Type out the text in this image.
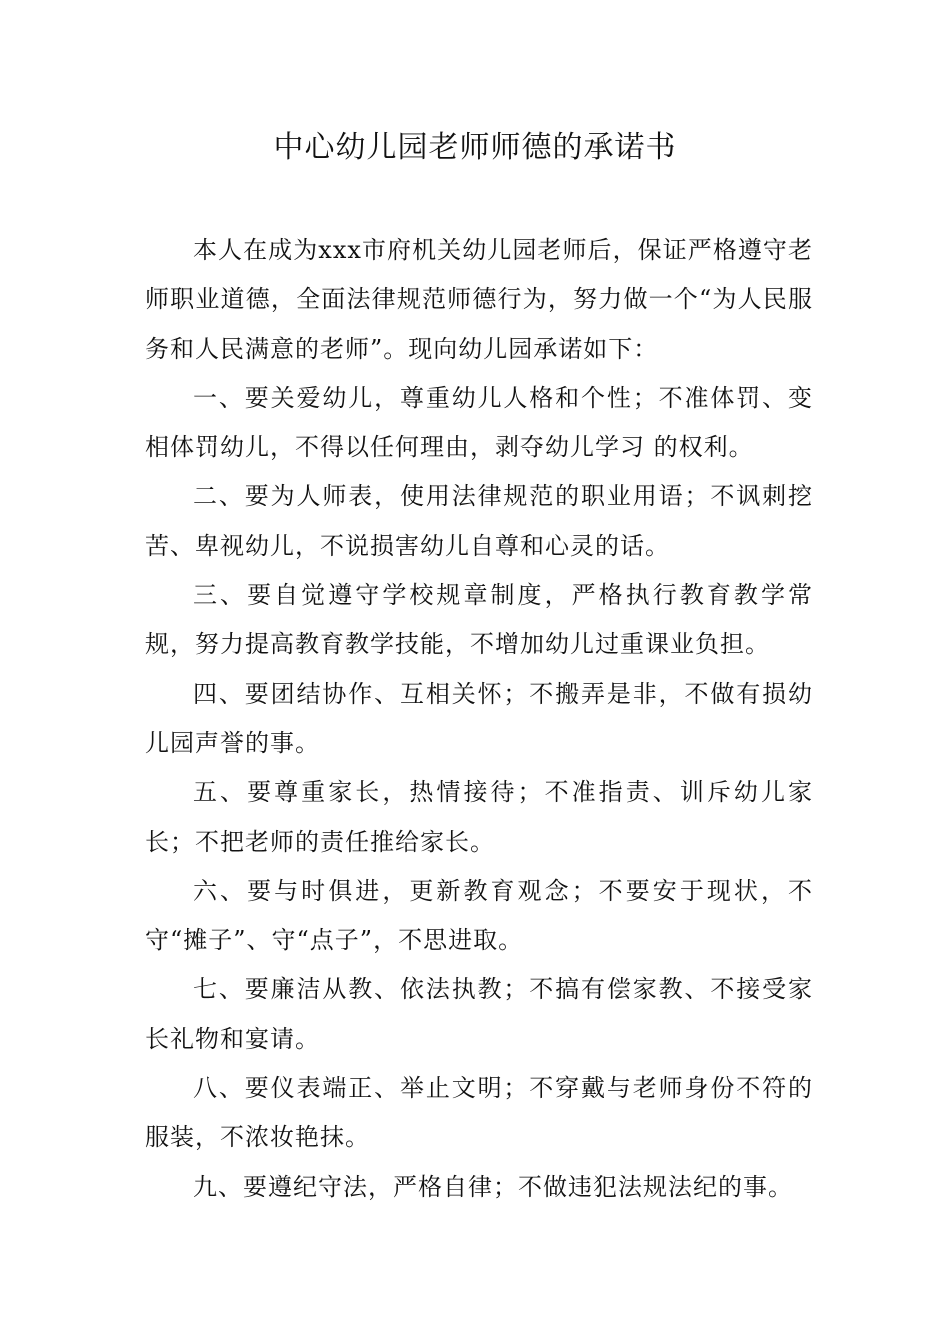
中心幼儿园老师师德的承诺书

本人在成为xxx市府机关幼儿园老师后，保证严格遵守老师职业道德，全面法律规范师德行为，努力做一个“为人民服务和人民满意的老师”。现向幼儿园承诺如下：

一、要关爱幼儿，尊重幼儿人格和个性；不准体罚、变相体罚幼儿，不得以任何理由，剥夺幼儿学习 的权利。

二、要为人师表，使用法律规范的职业用语；不讽刺挖苦、卑视幼儿，不说损害幼儿自尊和心灵的话。

三、要自觉遵守学校规章制度，严格执行教育教学常规，努力提高教育教学技能，不增加幼儿过重课业负担。

四、要团结协作、互相关怀；不搬弄是非，不做有损幼儿园声誉的事。

五、要尊重家长，热情接待；不准指责、训斥幼儿家长；不把老师的责任推给家长。

六、要与时俱进，更新教育观念；不要安于现状，不守“摊子”、守“点子”，不思进取。

七、要廉洁从教、依法执教；不搞有偿家教、不接受家长礼物和宴请。

八、要仪表端正、举止文明；不穿戴与老师身份不符的服装，不浓妆艳抹。

九、要遵纪守法，严格自律；不做违犯法规法纪的事。
